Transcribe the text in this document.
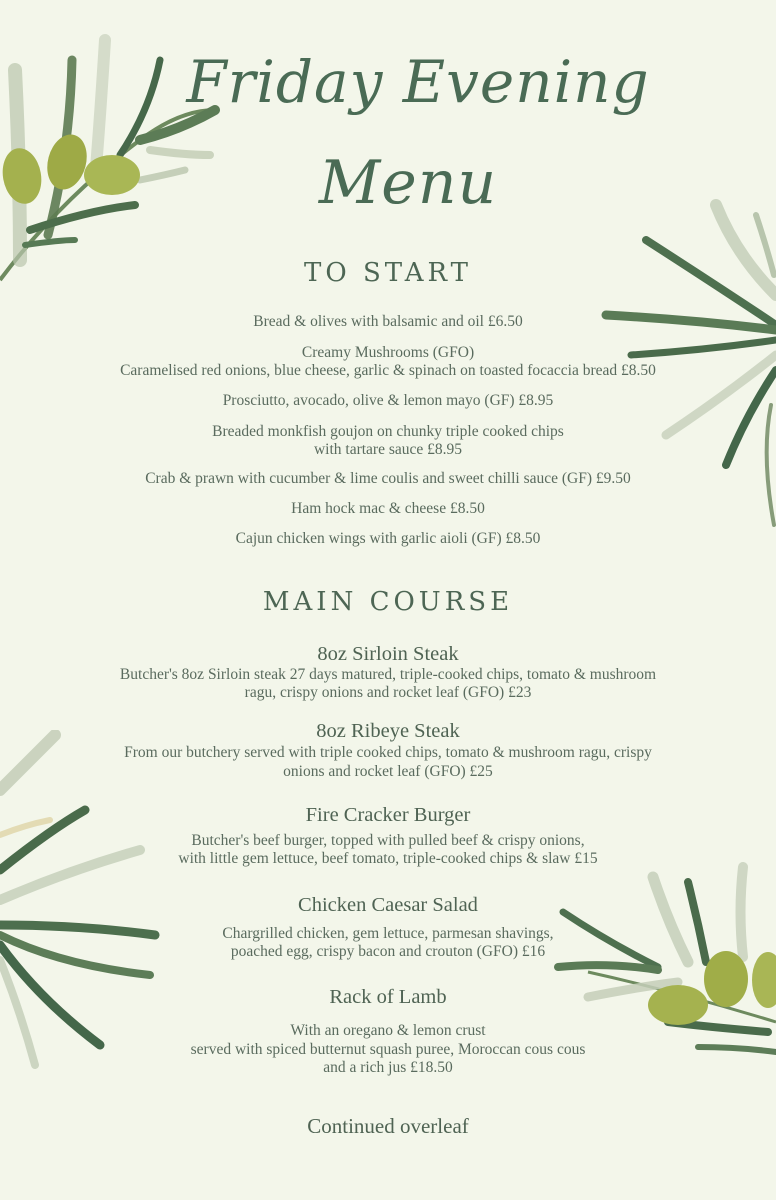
Friday Evening
Menu
TO START
Bread & olives with balsamic and oil £6.50
Creamy Mushrooms (GFO)
Caramelised red onions, blue cheese, garlic & spinach on toasted focaccia bread £8.50
Prosciutto, avocado, olive & lemon mayo (GF) £8.95
Breaded monkfish goujon on chunky triple cooked chips
with tartare sauce £8.95
Crab & prawn with cucumber & lime coulis and sweet chilli sauce (GF) £9.50
Ham hock mac & cheese £8.50
Cajun chicken wings with garlic aioli (GF) £8.50
MAIN COURSE
8oz Sirloin Steak
Butcher's 8oz Sirloin steak 27 days matured, triple-cooked chips, tomato & mushroom
ragu, crispy onions and rocket leaf (GFO) £23
8oz Ribeye Steak
From our butchery served with triple cooked chips, tomato & mushroom ragu, crispy
onions and rocket leaf (GFO) £25
Fire Cracker Burger
Butcher's beef burger, topped with pulled beef & crispy onions,
with little gem lettuce, beef tomato, triple-cooked chips & slaw £15
Chicken Caesar Salad
Chargrilled chicken, gem lettuce, parmesan shavings,
poached egg, crispy bacon and crouton (GFO) £16
Rack of Lamb
With an oregano & lemon crust
served with spiced butternut squash puree, Moroccan cous cous
and a rich jus £18.50
Continued overleaf
